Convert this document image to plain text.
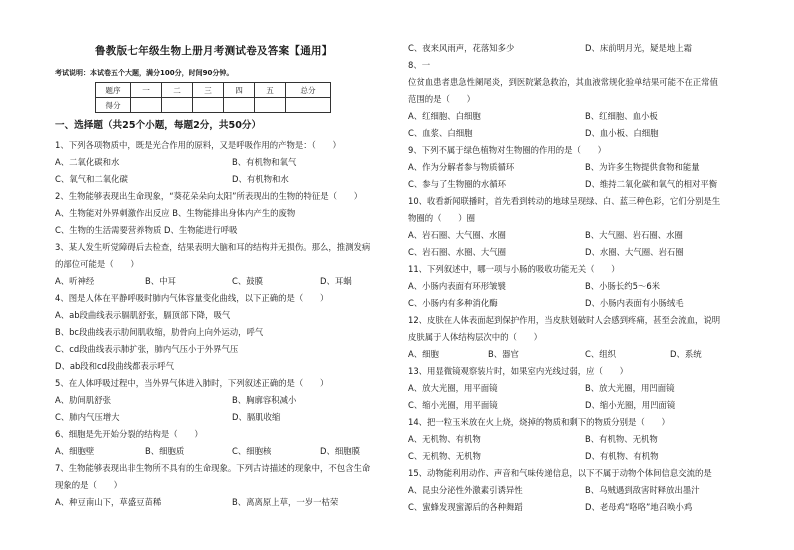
鲁教版七年级生物上册月考测试卷及答案【通用】
考试说明：本试卷五个大题，满分100分，时间90分钟。
题序	一	二	三	四	五	总分
得分						
一、选择题（共25个小题，每题2分，共50分）
1、下列各项物质中，既是光合作用的原料，又是呼吸作用的产物是：（　　）
A、二氧化碳和水	B、有机物和氧气
C、氧气和二氧化碳	D、有机物和水
2、生物能够表现出生命现象，“葵花朵朵向太阳”所表现出的生物的特征是（　　）
A、生物能对外界刺激作出反应 B、生物能排出身体内产生的废物
C、生物的生活需要营养物质 D、生物能进行呼吸
3、某人发生听觉障碍后去检查，结果表明大脑和耳的结构并无损伤。那么，推测发病
的部位可能是（　　）
A、听神经	B、中耳	C、鼓膜	D、耳蜗
4、图是人体在平静呼吸时肺内气体容量变化曲线，以下正确的是（　　）
A、ab段曲线表示膈肌舒张，膈顶部下降，吸气
B、bc段曲线表示肋间肌收缩，肋骨向上向外运动，呼气
C、cd段曲线表示肺扩张，肺内气压小于外界气压
D、ab段和cd段曲线都表示呼气
5、在人体呼吸过程中，当外界气体进入肺时，下列叙述正确的是（　　）
A、肋间肌舒张	B、胸廓容积减小
C、肺内气压增大	D、膈肌收缩
6、细胞是先开始分裂的结构是（　　）
A、细胞壁	B、细胞质	C、细胞核	D、细胞膜
7、生物能够表现出非生物所不具有的生命现象。下列古诗描述的现象中，不包含生命
现象的是（　　）
A、种豆南山下，草盛豆苗稀	B、离离原上草，一岁一枯荣
C、夜来风雨声，花落知多少	D、床前明月光，疑是地上霜
8、一
位贫血患者患急性阑尾炎，到医院紧急救治，其血液常规化验单结果可能不在正常值
范围的是（　　）
A、红细胞、白细胞	B、红细胞、血小板
C、血浆、白细胞	D、血小板、白细胞
9、下列不属于绿色植物对生物圈的作用的是（　　）
A、作为分解者参与物质循环	B、为许多生物提供食物和能量
C、参与了生物圈的水循环	D、维持二氧化碳和氧气的相对平衡
10、收看新闻联播时，首先看到转动的地球呈现绿、白、蓝三种色彩，它们分别是生
物圈的（　　）圈
A、岩石圈、大气圈、水圈	B、大气圈、岩石圈、水圈
C、岩石圈、水圈、大气圈	D、水圈、大气圈、岩石圈
11、下列叙述中，哪一项与小肠的吸收功能无关（　　）
A、小肠内表面有环形皱襞	B、小肠长约5～6米
C、小肠内有多种消化酶	D、小肠内表面有小肠绒毛
12、皮肤在人体表面起到保护作用，当皮肤划破时人会感到疼痛，甚至会流血，说明
皮肤属于人体结构层次中的（　　）
A、细胞	B、器官	C、组织	D、系统
13、用显微镜观察装片时，如果室内光线过弱，应（　　）
A、放大光圈，用平面镜	B、放大光圈，用凹面镜
C、缩小光圈，用平面镜	D、缩小光圈，用凹面镜
14、把一粒玉米放在火上烧，烧掉的物质和剩下的物质分别是（　　）
A、无机物、有机物	B、有机物、无机物
C、无机物、无机物	D、有机物、有机物
15、动物能利用动作、声音和气味传递信息，以下不属于动物个体间信息交流的是
A、昆虫分泌性外激素引诱异性	B、乌贼遇到敌害时释放出墨汁
C、蜜蜂发现蜜源后的各种舞蹈	D、老母鸡“咯咯”地召唤小鸡
